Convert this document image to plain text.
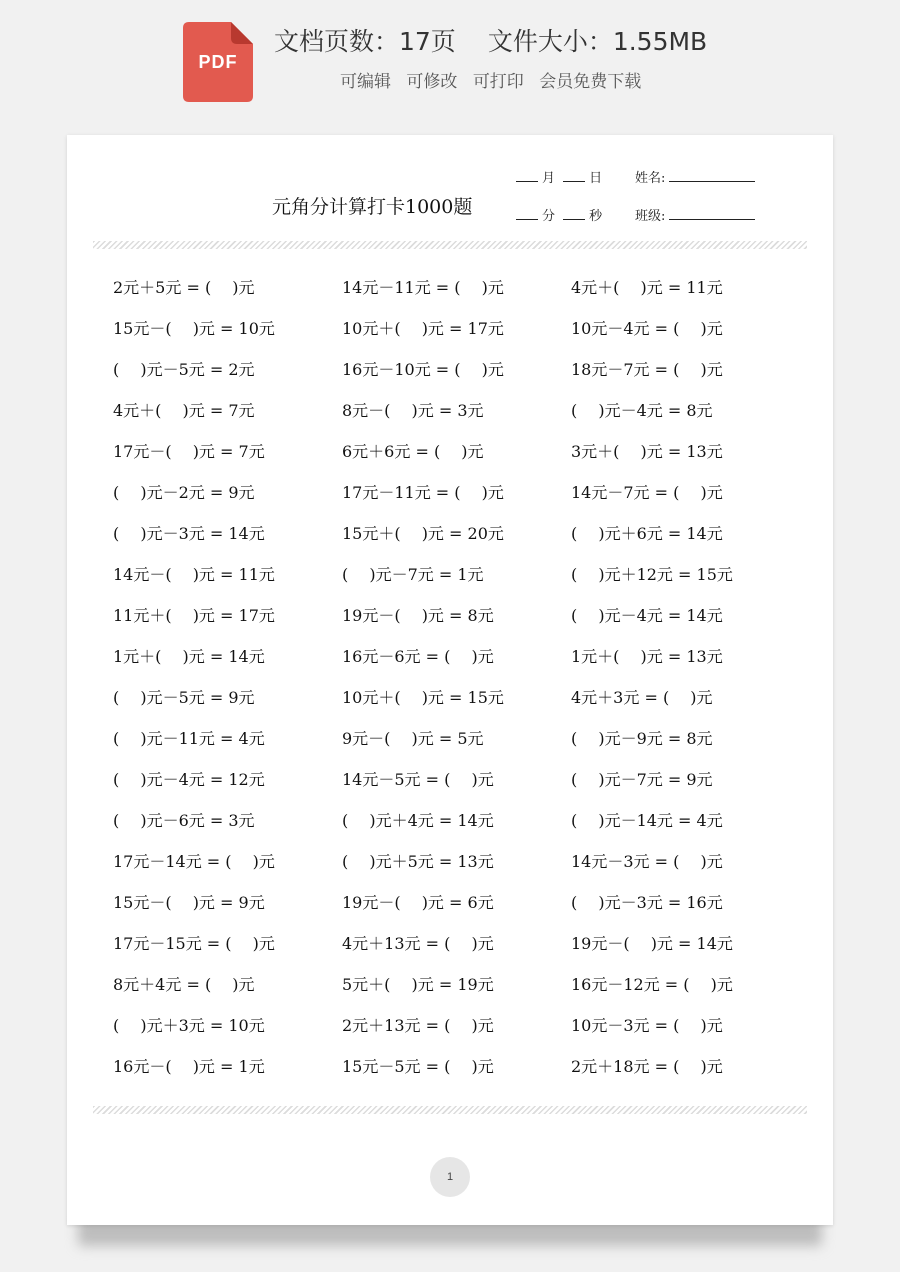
PDF
文档页数：17页 文件大小：1.55MB
可编辑 可修改 可打印 会员免费下载
元角分计算打卡1000题
月	日	姓名:
分	秒	班级:
2元＋5元 = (　 )元	14元－11元 = (　 )元	4元＋(　 )元 = 11元
15元－(　 )元 = 10元	10元＋(　 )元 = 17元	10元－4元 = (　 )元
(　 )元－5元 = 2元	16元－10元 = (　 )元	18元－7元 = (　 )元
4元＋(　 )元 = 7元	8元－(　 )元 = 3元	(　 )元－4元 = 8元
17元－(　 )元 = 7元	6元＋6元 = (　 )元	3元＋(　 )元 = 13元
(　 )元－2元 = 9元	17元－11元 = (　 )元	14元－7元 = (　 )元
(　 )元－3元 = 14元	15元＋(　 )元 = 20元	(　 )元＋6元 = 14元
14元－(　 )元 = 11元	(　 )元－7元 = 1元	(　 )元＋12元 = 15元
11元＋(　 )元 = 17元	19元－(　 )元 = 8元	(　 )元－4元 = 14元
1元＋(　 )元 = 14元	16元－6元 = (　 )元	1元＋(　 )元 = 13元
(　 )元－5元 = 9元	10元＋(　 )元 = 15元	4元＋3元 = (　 )元
(　 )元－11元 = 4元	9元－(　 )元 = 5元	(　 )元－9元 = 8元
(　 )元－4元 = 12元	14元－5元 = (　 )元	(　 )元－7元 = 9元
(　 )元－6元 = 3元	(　 )元＋4元 = 14元	(　 )元－14元 = 4元
17元－14元 = (　 )元	(　 )元＋5元 = 13元	14元－3元 = (　 )元
15元－(　 )元 = 9元	19元－(　 )元 = 6元	(　 )元－3元 = 16元
17元－15元 = (　 )元	4元＋13元 = (　 )元	19元－(　 )元 = 14元
8元＋4元 = (　 )元	5元＋(　 )元 = 19元	16元－12元 = (　 )元
(　 )元＋3元 = 10元	2元＋13元 = (　 )元	10元－3元 = (　 )元
16元－(　 )元 = 1元	15元－5元 = (　 )元	2元＋18元 = (　 )元
1
